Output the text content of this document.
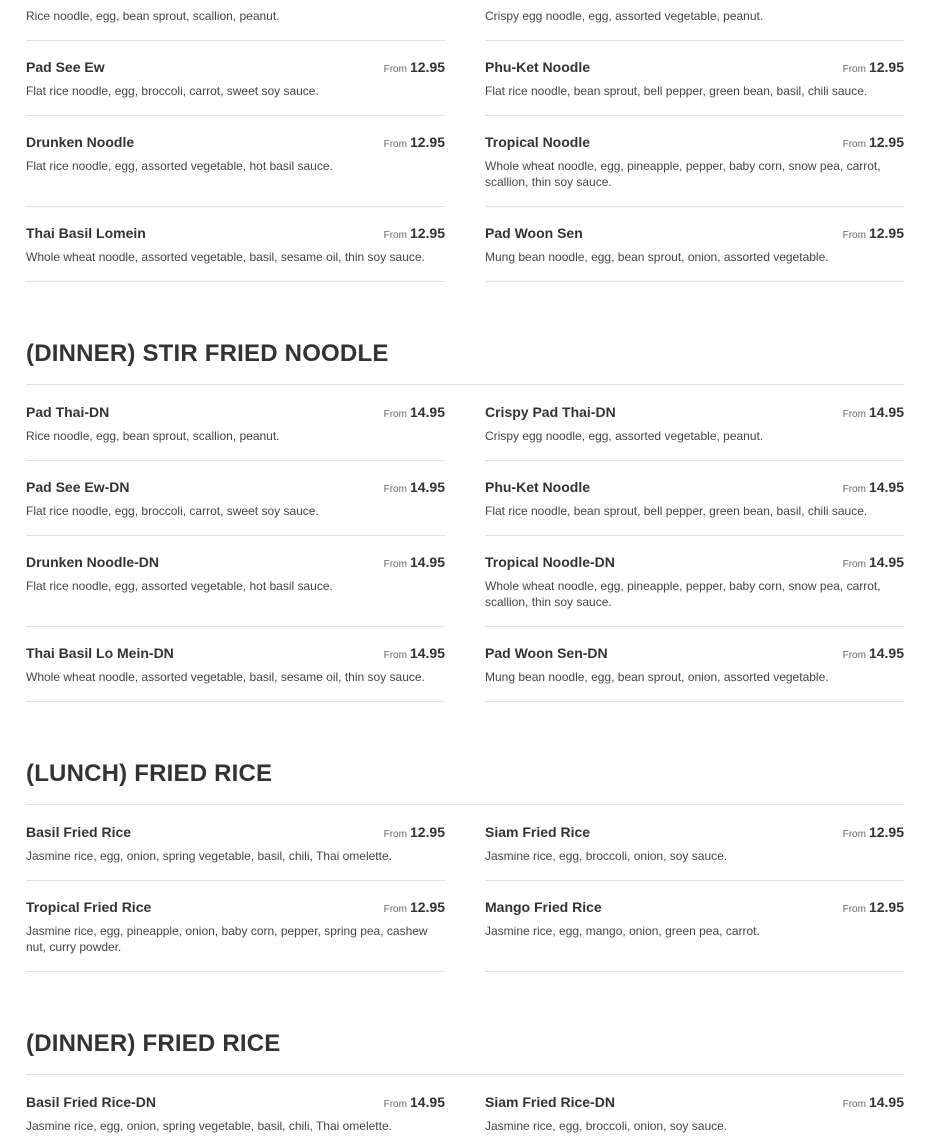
Rice noodle, egg, bean sprout, scallion, peanut.	Crispy egg noodle, egg, assorted vegetable, peanut.
Pad See Ew	From 12.95
Flat rice noodle, egg, broccoli, carrot, sweet soy sauce.
Phu-Ket Noodle	From 12.95
Flat rice noodle, bean sprout, bell pepper, green bean, basil, chili sauce.
Drunken Noodle	From 12.95
Flat rice noodle, egg, assorted vegetable, hot basil sauce.
Tropical Noodle	From 12.95
Whole wheat noodle, egg, pineapple, pepper, baby corn, snow pea, carrot, scallion, thin soy sauce.
Thai Basil Lomein	From 12.95
Whole wheat noodle, assorted vegetable, basil, sesame oil, thin soy sauce.
Pad Woon Sen	From 12.95
Mung bean noodle, egg, bean sprout, onion, assorted vegetable.
(DINNER) STIR FRIED NOODLE
Pad Thai-DN	From 14.95
Rice noodle, egg, bean sprout, scallion, peanut.
Crispy Pad Thai-DN	From 14.95
Crispy egg noodle, egg, assorted vegetable, peanut.
Pad See Ew-DN	From 14.95
Flat rice noodle, egg, broccoli, carrot, sweet soy sauce.
Phu-Ket Noodle	From 14.95
Flat rice noodle, bean sprout, bell pepper, green bean, basil, chili sauce.
Drunken Noodle-DN	From 14.95
Flat rice noodle, egg, assorted vegetable, hot basil sauce.
Tropical Noodle-DN	From 14.95
Whole wheat noodle, egg, pineapple, pepper, baby corn, snow pea, carrot, scallion, thin soy sauce.
Thai Basil Lo Mein-DN	From 14.95
Whole wheat noodle, assorted vegetable, basil, sesame oil, thin soy sauce.
Pad Woon Sen-DN	From 14.95
Mung bean noodle, egg, bean sprout, onion, assorted vegetable.
(LUNCH) FRIED RICE
Basil Fried Rice	From 12.95
Jasmine rice, egg, onion, spring vegetable, basil, chili, Thai omelette.
Siam Fried Rice	From 12.95
Jasmine rice, egg, broccoli, onion, soy sauce.
Tropical Fried Rice	From 12.95
Jasmine rice, egg, pineapple, onion, baby corn, pepper, spring pea, cashew nut, curry powder.
Mango Fried Rice	From 12.95
Jasmine rice, egg, mango, onion, green pea, carrot.
(DINNER) FRIED RICE
Basil Fried Rice-DN	From 14.95
Jasmine rice, egg, onion, spring vegetable, basil, chili, Thai omelette.
Siam Fried Rice-DN	From 14.95
Jasmine rice, egg, broccoli, onion, soy sauce.
